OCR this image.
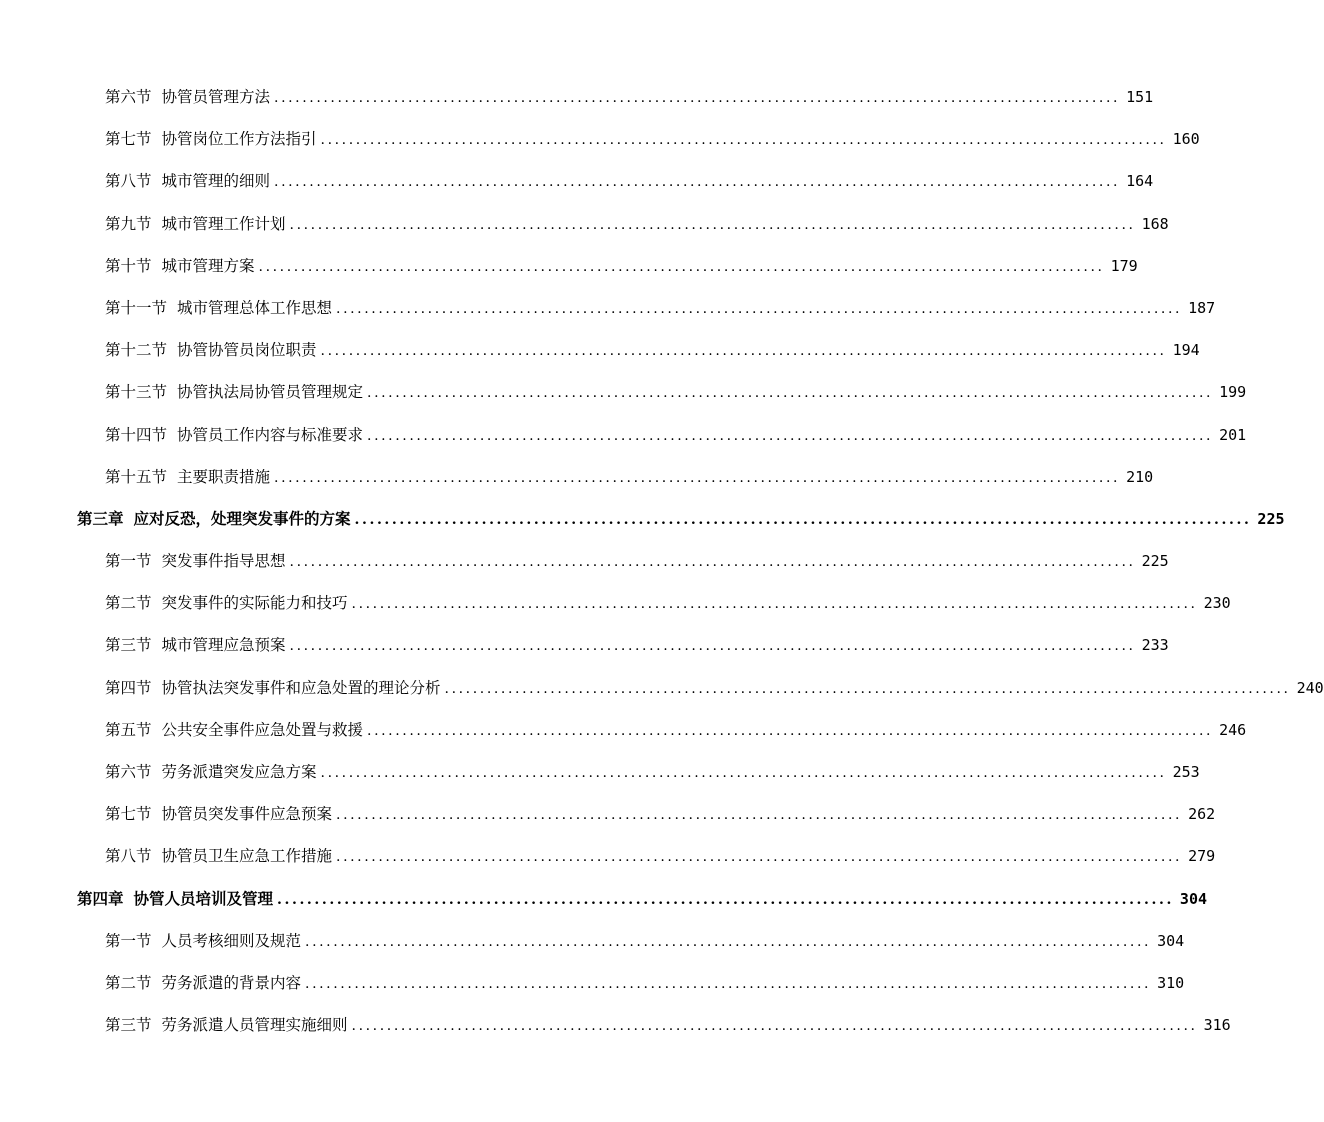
第六节 协管员管理方法 ........................................................................................................................ 151
第七节 协管岗位工作方法指引 ........................................................................................................................ 160
第八节 城市管理的细则 ........................................................................................................................ 164
第九节 城市管理工作计划 ........................................................................................................................ 168
第十节 城市管理方案 ........................................................................................................................ 179
第十一节 城市管理总体工作思想 ........................................................................................................................ 187
第十二节 协管协管员岗位职责 ........................................................................................................................ 194
第十三节 协管执法局协管员管理规定 ........................................................................................................................ 199
第十四节 协管员工作内容与标准要求 ........................................................................................................................ 201
第十五节 主要职责措施 ........................................................................................................................ 210
第三章 应对反恐，处理突发事件的方案 ........................................................................................................................ 225
第一节 突发事件指导思想 ........................................................................................................................ 225
第二节 突发事件的实际能力和技巧 ........................................................................................................................ 230
第三节 城市管理应急预案 ........................................................................................................................ 233
第四节 协管执法突发事件和应急处置的理论分析 ........................................................................................................................ 240
第五节 公共安全事件应急处置与救援 ........................................................................................................................ 246
第六节 劳务派遣突发应急方案 ........................................................................................................................ 253
第七节 协管员突发事件应急预案 ........................................................................................................................ 262
第八节 协管员卫生应急工作措施 ........................................................................................................................ 279
第四章 协管人员培训及管理 ........................................................................................................................ 304
第一节 人员考核细则及规范 ........................................................................................................................ 304
第二节 劳务派遣的背景内容 ........................................................................................................................ 310
第三节 劳务派遣人员管理实施细则 ........................................................................................................................ 316
